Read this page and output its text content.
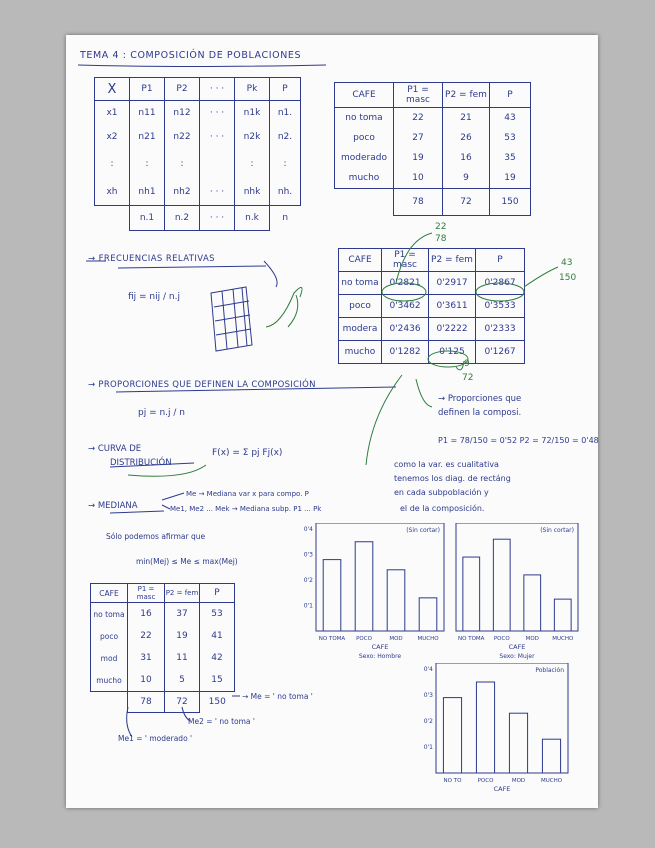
TEMA 4 : COMPOSICIÓN DE POBLACIONES
X	P1	P2	· · ·	Pk	P
x1	n11	n12	· · ·	n1k	n1.
x2	n21	n22	· · ·	n2k	n2.
:	:	:		:	:
xh	nh1	nh2	· · ·	nhk	nh.
	n.1	n.2	· · ·	n.k	n
CAFE	P1 = masc	P2 = fem	P
no toma	22	21	43
poco	27	26	53
moderado	19	16	35
mucho	10	9	19
	78	72	150
22
78
→ FRECUENCIAS RELATIVAS
fij = nij / n.j
CAFE	P1 = masc	P2 = fem	P
no toma	0'2821	0'2917	0'2867
poco	0'3462	0'3611	0'3533
modera	0'2436	0'2222	0'2333
mucho	0'1282	0'125	0'1267
43
150
9
72
→ PROPORCIONES QUE DEFINEN LA COMPOSICIÓN
pj = n.j / n
→ Proporciones que
definen la composi.
P1 = 78/150 = 0'52 P2 = 72/150 = 0'48
→ CURVA DE
DISTRIBUCIÓN
F(x) = Σ pj Fj(x)
como la var. es cualitativa
tenemos los diag. de rectáng
en cada subpoblación y
el de la composición.
→ MEDIANA
Me → Mediana var x para compo. P
Me1, Me2 ... Mek → Mediana subp. P1 ... Pk
Sólo podemos afirmar que
min(Mej) ≤ Me ≤ max(Mej)
CAFE	P1 = masc	P2 = fem	P
no toma	16	37	53
poco	22	19	41
mod	31	11	42
mucho	10	5	15
	78	72	150
→ Me = ' no toma '
Me2 = ' no toma '
Me1 = ' moderado '
NO TOMA POCO	MOD	MUCHO
0'4
0'3
0'2
0'1
(Sin cortar)
CAFE
Sexo: Hombre
NO TOMA POCO	MOD MUCHO
(Sin cortar)
CAFE
Sexo: Mujer
NO TO	POCO	MOD	MUCHO
0'4
0'3
0'2
0'1
Población
CAFE
